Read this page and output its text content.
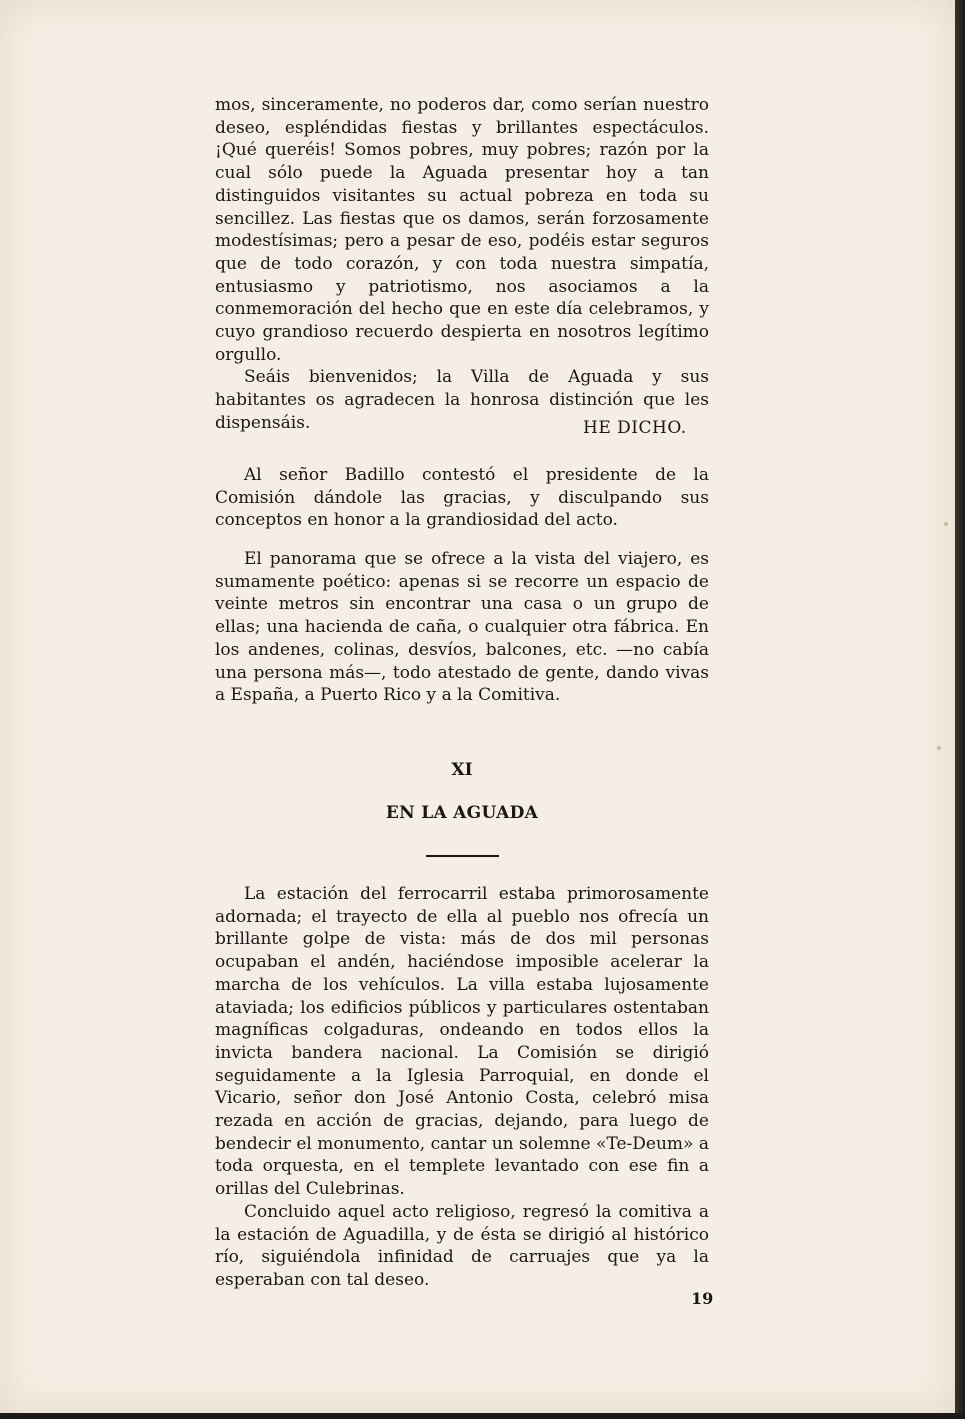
mos, sinceramente, no poderos dar, como serían nuestro deseo, espléndidas fiestas y brillantes espectáculos. ¡Qué queréis! Somos pobres, muy pobres; razón por la cual sólo puede la Aguada presentar hoy a tan distinguidos visitantes su actual pobreza en toda su sencillez. Las fiestas que os damos, serán forzosamente modestísimas; pero a pesar de eso, podéis estar seguros que de todo corazón, y con toda nuestra simpatía, entusiasmo y patriotismo, nos asociamos a la conmemoración del hecho que en este día celebramos, y cuyo grandioso recuerdo despierta en nosotros legítimo orgullo.

Seáis bienvenidos; la Villa de Aguada y sus habitantes os agradecen la honrosa distinción que les dispensáis.	HE DICHO.

Al señor Badillo contestó el presidente de la Comisión dándole las gracias, y disculpando sus conceptos en honor a la grandiosidad del acto.

El panorama que se ofrece a la vista del viajero, es sumamente poético: apenas si se recorre un espacio de veinte metros sin encontrar una casa o un grupo de ellas; una hacienda de caña, o cualquier otra fábrica. En los andenes, colinas, desvíos, balcones, etc. —no cabía una persona más—, todo atestado de gente, dando vivas a España, a Puerto Rico y a la Comitiva.

XI
EN LA AGUADA

La estación del ferrocarril estaba primorosamente adornada; el trayecto de ella al pueblo nos ofrecía un brillante golpe de vista: más de dos mil personas ocupaban el andén, haciéndose imposible acelerar la marcha de los vehículos. La villa estaba lujosamente ataviada; los edificios públicos y particulares ostentaban magníficas colgaduras, ondeando en todos ellos la invicta bandera nacional. La Comisión se dirigió seguidamente a la Iglesia Parroquial, en donde el Vicario, señor don José Antonio Costa, celebró misa rezada en acción de gracias, dejando, para luego de bendecir el monumento, cantar un solemne «Te-Deum» a toda orquesta, en el templete levantado con ese fin a orillas del Culebrinas.

Concluido aquel acto religioso, regresó la comitiva a la estación de Aguadilla, y de ésta se dirigió al histórico río, siguiéndola infinidad de carruajes que ya la esperaban con tal deseo.

19
